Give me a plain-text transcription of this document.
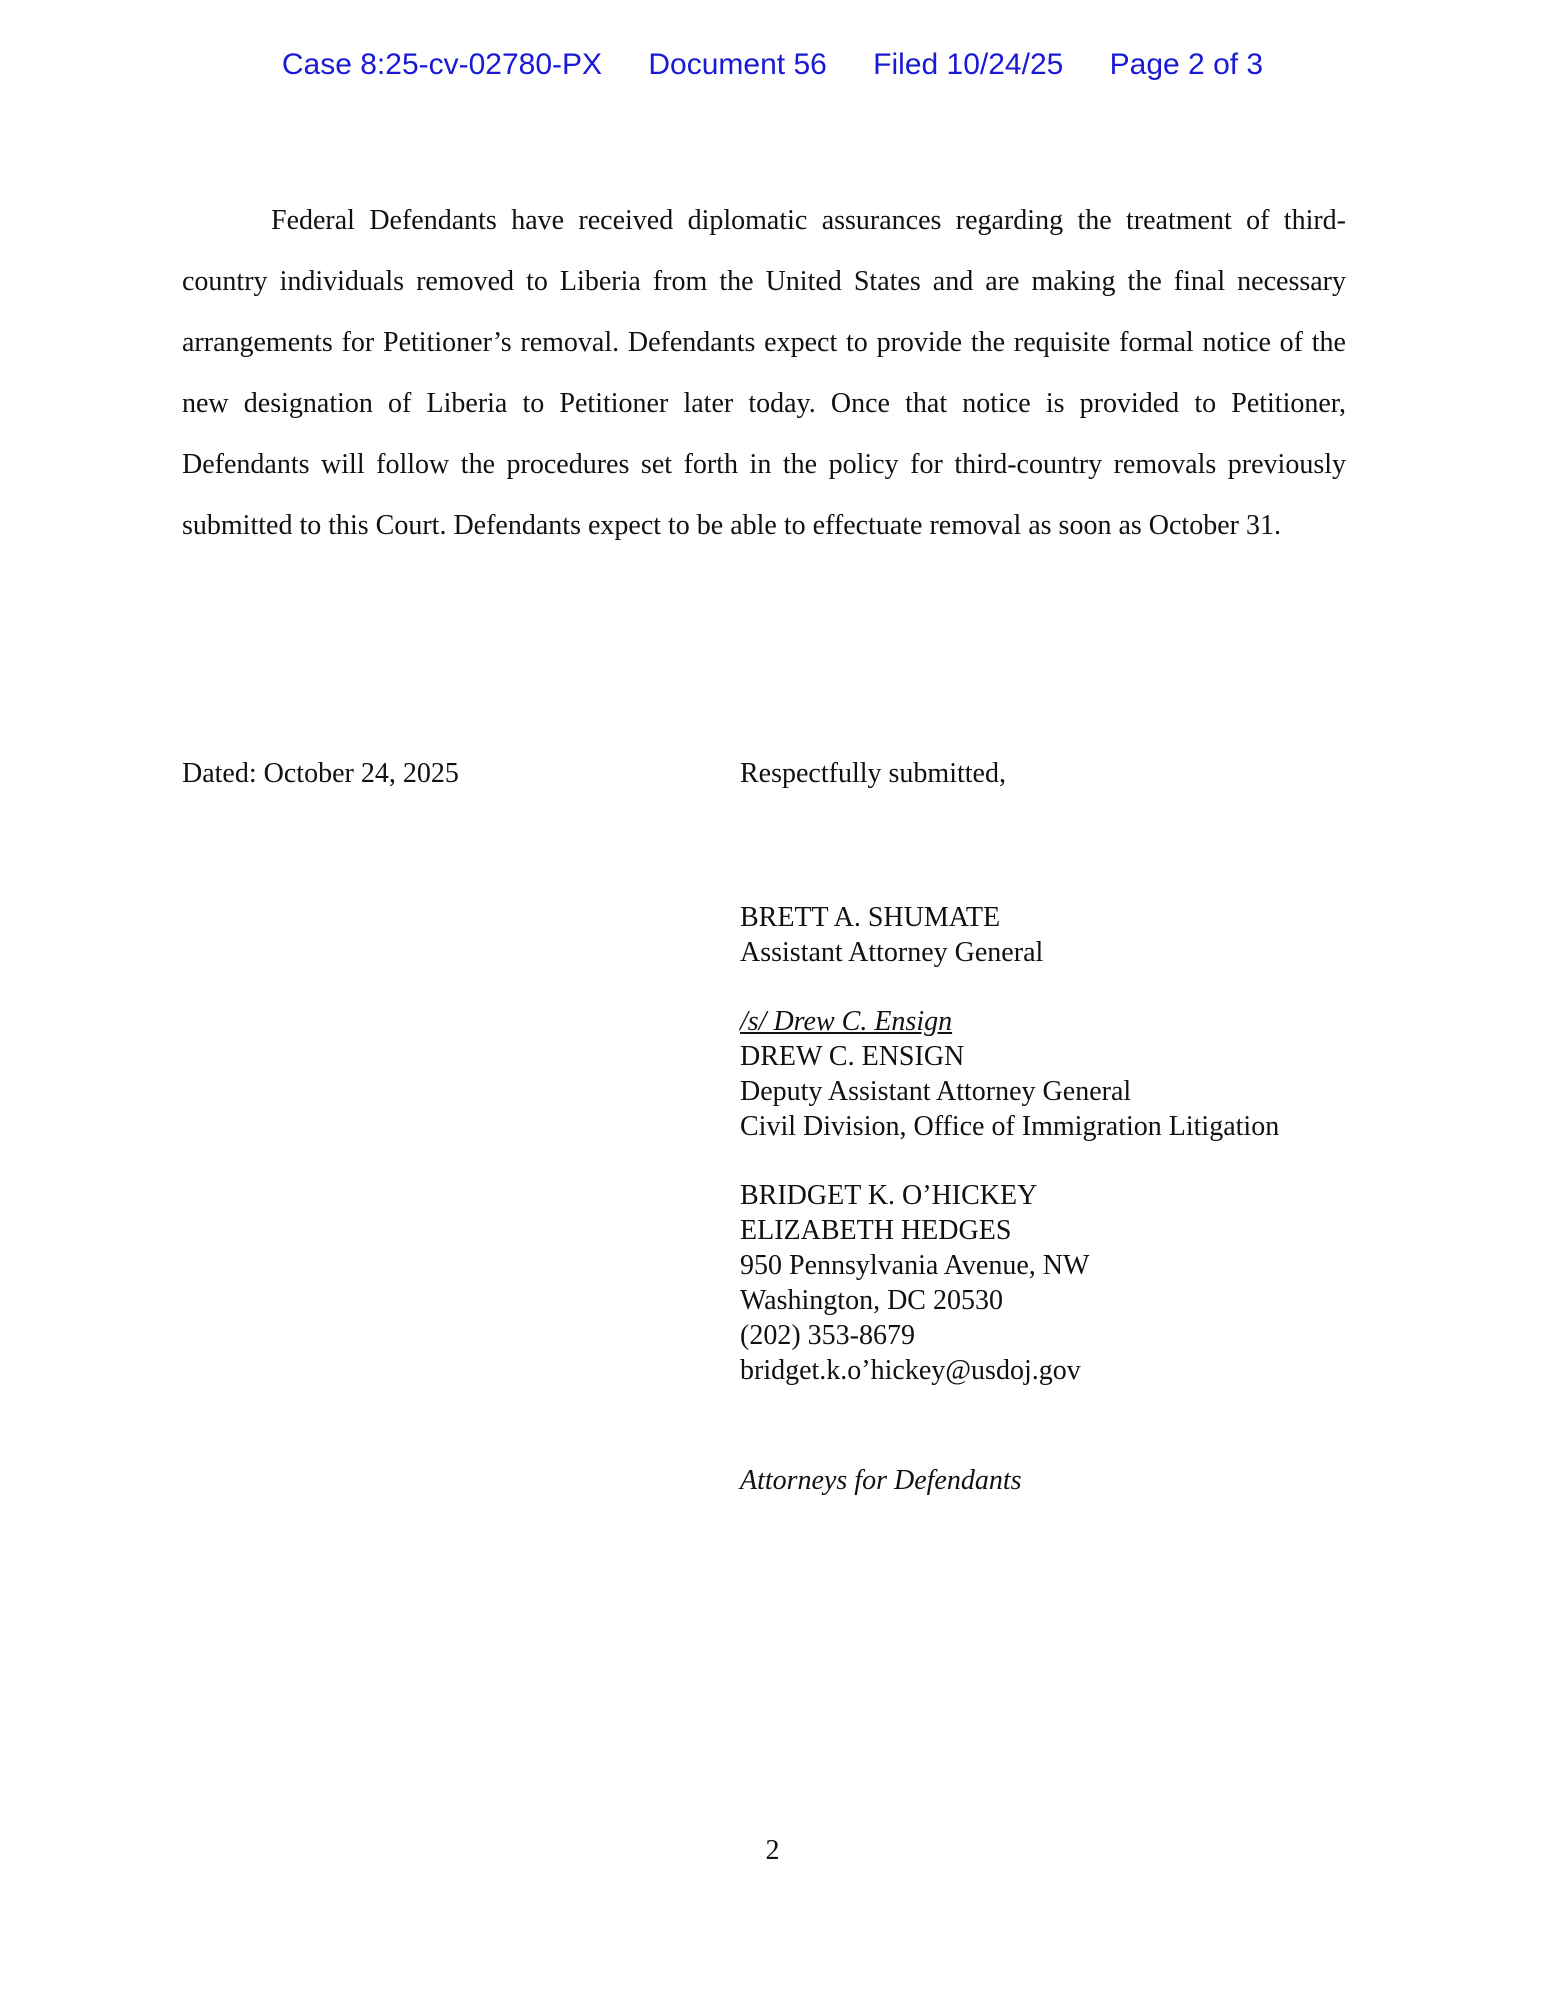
Case 8:25-cv-02780-PX Document 56 Filed 10/24/25 Page 2 of 3

Federal Defendants have received diplomatic assurances regarding the treatment of third-country individuals removed to Liberia from the United States and are making the final necessary arrangements for Petitioner’s removal. Defendants expect to provide the requisite formal notice of the new designation of Liberia to Petitioner later today. Once that notice is provided to Petitioner, Defendants will follow the procedures set forth in the policy for third-country removals previously submitted to this Court. Defendants expect to be able to effectuate removal as soon as October 31.

Dated: October 24, 2025	Respectfully submitted,

BRETT A. SHUMATE
Assistant Attorney General
/s/ Drew C. Ensign
DREW C. ENSIGN
Deputy Assistant Attorney General
Civil Division, Office of Immigration Litigation
BRIDGET K. O’HICKEY
ELIZABETH HEDGES
950 Pennsylvania Avenue, NW
Washington, DC 20530
(202) 353-8679
bridget.k.o’hickey@usdoj.gov

Attorneys for Defendants

2
